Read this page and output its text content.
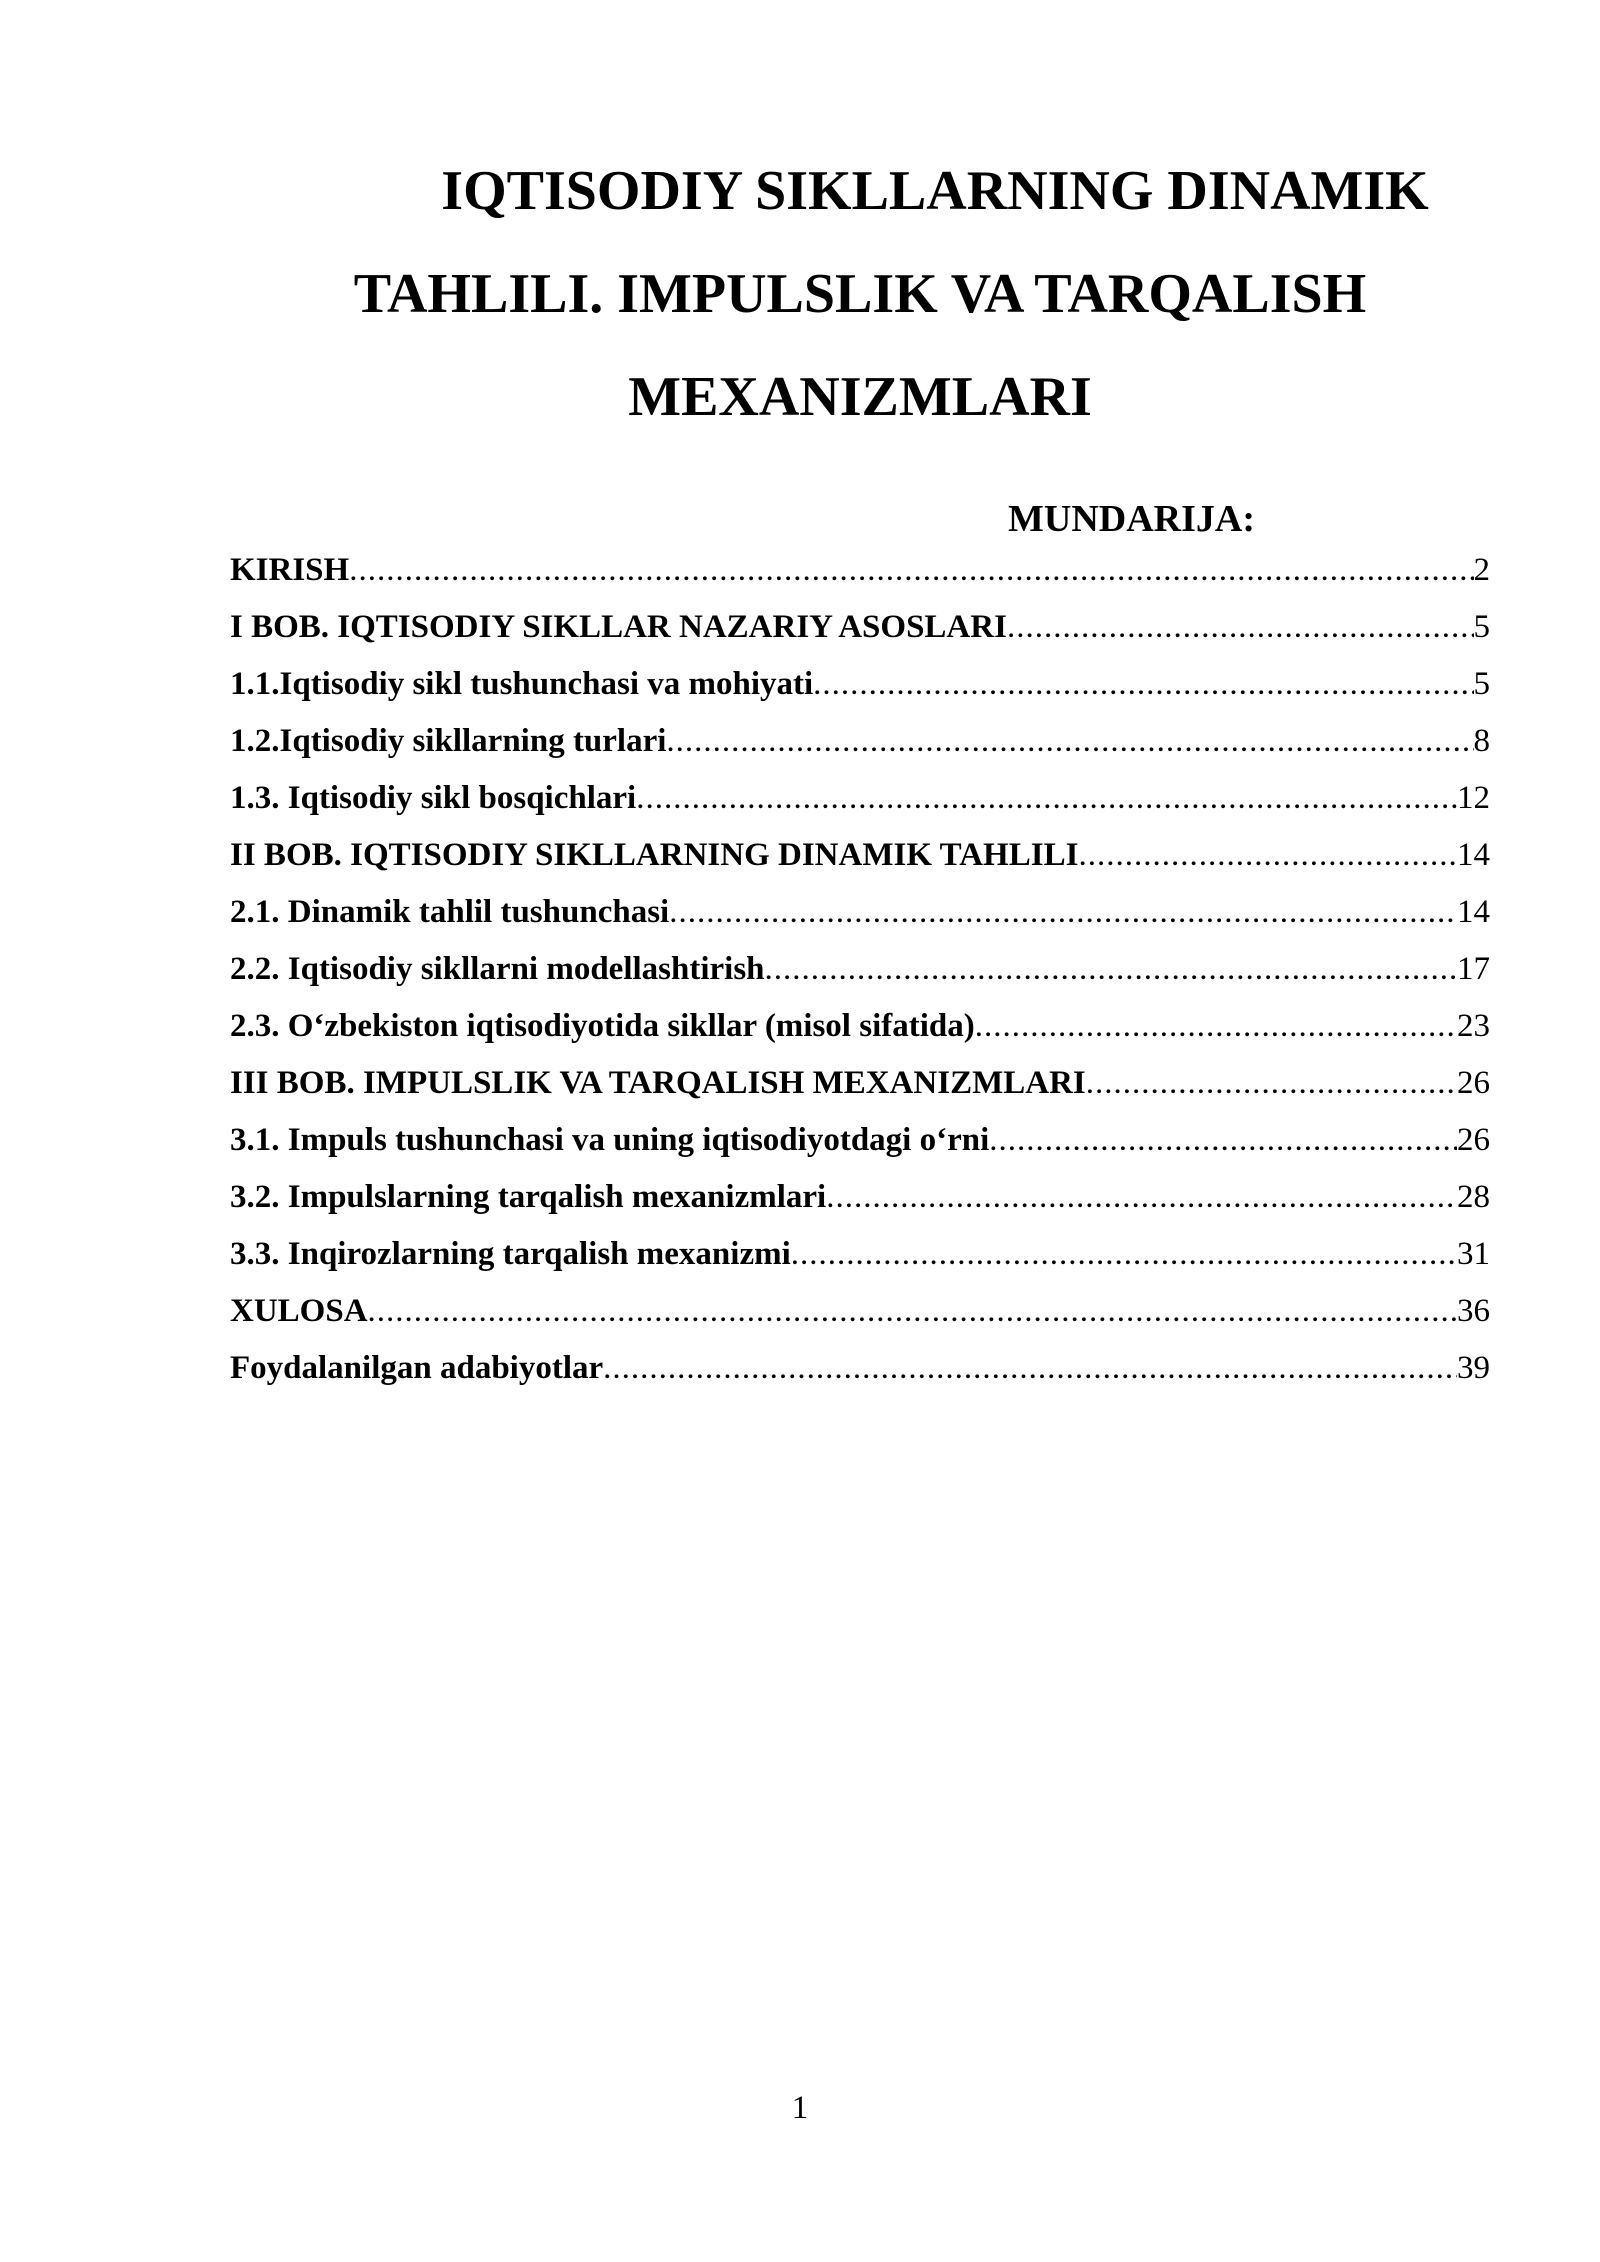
IQTISODIY SIKLLARNING DINAMIK TAHLILI. IMPULSLIK VA TARQALISH MEXANIZMLARI
MUNDARIJA:
KIRISH .....	2
I BOB. IQTISODIY SIKLLAR NAZARIY ASOSLARI .....	5
1.1.Iqtisodiy sikl tushunchasi va mohiyati .....	5
1.2.Iqtisodiy sikllarning turlari .....	8
1.3. Iqtisodiy sikl bosqichlari .....	12
II BOB. IQTISODIY SIKLLARNING DINAMIK TAHLILI .....	14
2.1. Dinamik tahlil tushunchasi .....	14
2.2. Iqtisodiy sikllarni modellashtirish .....	17
2.3. O‘zbekiston iqtisodiyotida sikllar (misol sifatida) .....	23
III BOB. IMPULSLIK VA TARQALISH MEXANIZMLARI .....	26
3.1. Impuls tushunchasi va uning iqtisodiyotdagi o‘rni .....	26
3.2. Impulslarning tarqalish mexanizmlari .....	28
3.3. Inqirozlarning tarqalish mexanizmi .....	31
XULOSA .....	36
Foydalanilgan adabiyotlar .....	39
1
